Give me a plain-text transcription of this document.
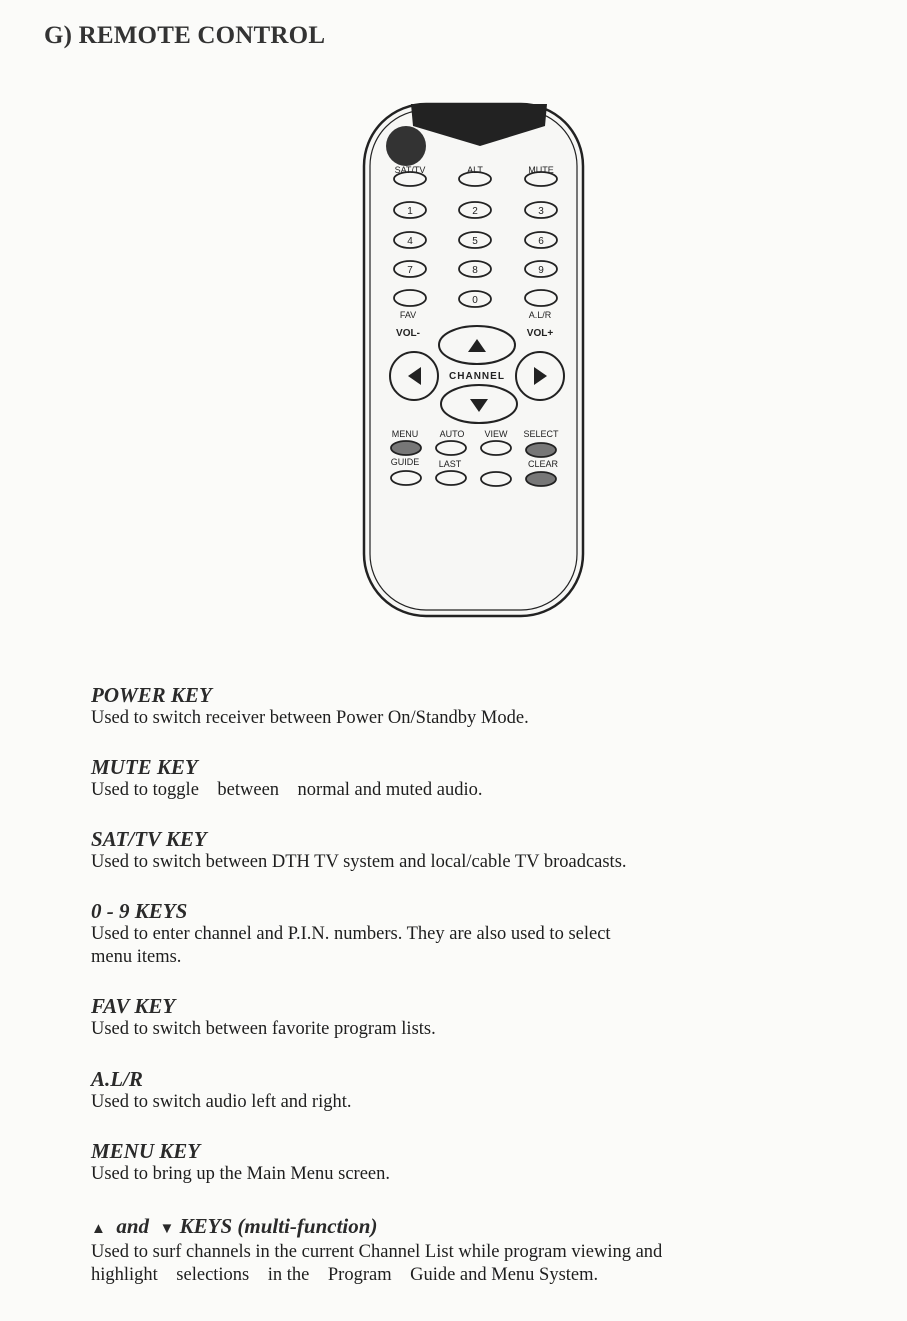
G) REMOTE CONTROL
SAT/TV	ALT	MUTE
1	2	3
4	5	6
7	8	9
0
FAV	A.L/R
VOL-	VOL+
CHANNEL
MENU AUTO VIEW SELECT
GUIDE LAST	CLEAR
POWER KEY

Used to switch receiver between Power On/Standby Mode.

MUTE KEY

Used to toggle    between    normal and muted audio.

SAT/TV KEY

Used to switch between DTH TV system and local/cable TV broadcasts.

0 - 9 KEYS

Used to enter channel and P.I.N. numbers. They are also used to select

menu items.

FAV KEY

Used to switch between favorite program lists.

A.L/R

Used to switch audio left and right.

MENU KEY

Used to bring up the Main Menu screen.

▲ and ▼ KEYS (multi-function)

Used to surf channels in the current Channel List while program viewing and

highlight    selections    in the    Program    Guide and Menu System.
